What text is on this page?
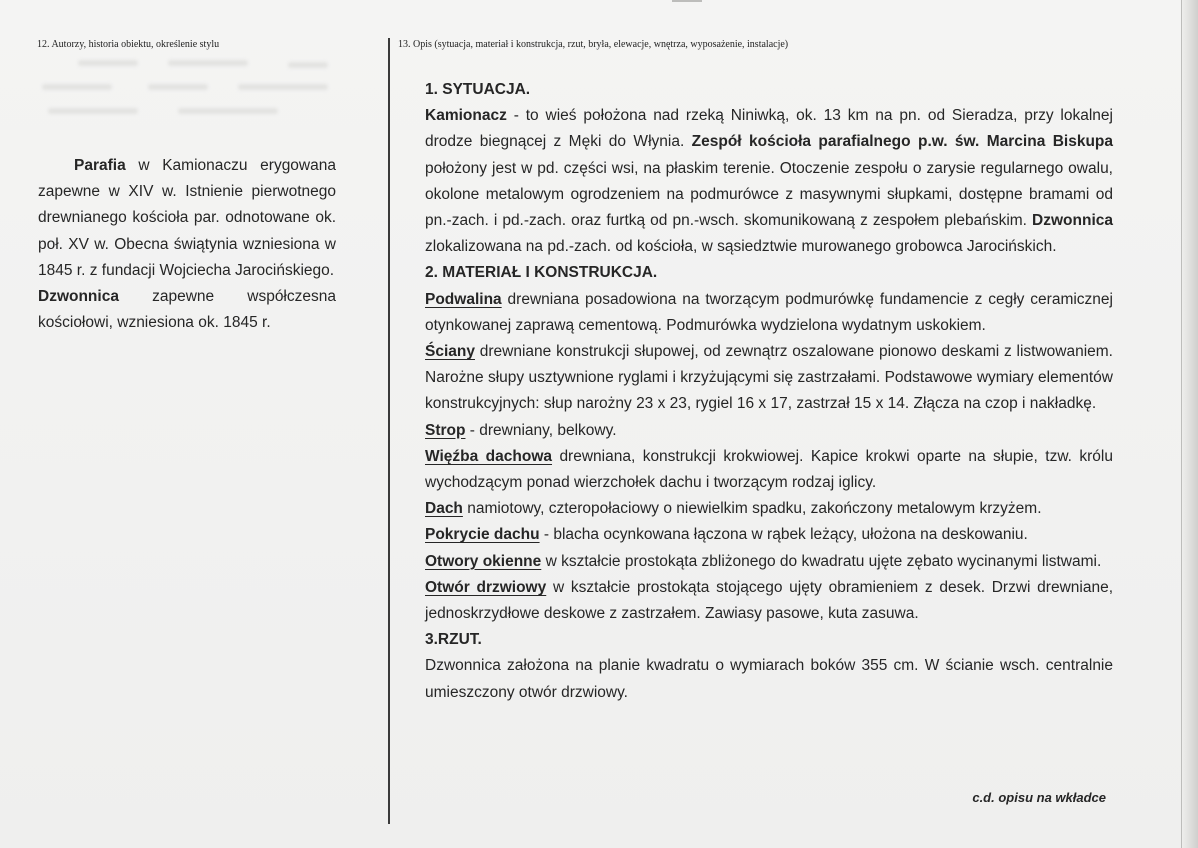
12. Autorzy, historia obiektu, określenie stylu	13. Opis (sytuacja, materiał i konstrukcja, rzut, bryła, elewacje, wnętrza, wyposażenie, instalacje)

Parafia w Kamionaczu erygowana zapewne w XIV w. Istnienie pierwotnego drewnianego kościoła par. odnotowane ok. poł. XV w. Obecna świątynia wzniesiona w 1845 r. z fundacji Wojciecha Jarocińskiego.

Dzwonnica zapewne współczesna kościołowi, wzniesiona ok. 1845 r.

1. SYTUACJA.

Kamionacz - to wieś położona nad rzeką Niniwką, ok. 13 km na pn. od Sieradza, przy lokalnej drodze biegnącej z Męki do Włynia. Zespół kościoła parafialnego p.w. św. Marcina Biskupa położony jest w pd. części wsi, na płaskim terenie. Otoczenie zespołu o zarysie regularnego owalu, okolone metalowym ogrodzeniem na podmurówce z masywnymi słupkami, dostępne bramami od pn.-zach. i pd.-zach. oraz furtką od pn.-wsch. skomunikowaną z zespołem plebańskim. Dzwonnica zlokalizowana na pd.-zach. od kościoła, w sąsiedztwie murowanego grobowca Jarocińskich.

2. MATERIAŁ I KONSTRUKCJA.

Podwalina drewniana posadowiona na tworzącym podmurówkę fundamencie z cegły ceramicznej otynkowanej zaprawą cementową. Podmurówka wydzielona wydatnym uskokiem.

Ściany drewniane konstrukcji słupowej, od zewnątrz oszalowane pionowo deskami z listwowaniem. Narożne słupy usztywnione ryglami i krzyżującymi się zastrzałami. Podstawowe wymiary elementów konstrukcyjnych: słup narożny 23 x 23, rygiel 16 x 17, zastrzał 15 x 14. Złącza na czop i nakładkę.

Strop - drewniany, belkowy.

Więźba dachowa drewniana, konstrukcji krokwiowej. Kapice krokwi oparte na słupie, tzw. królu wychodzącym ponad wierzchołek dachu i tworzącym rodzaj iglicy.

Dach namiotowy, czteropołaciowy o niewielkim spadku, zakończony metalowym krzyżem.

Pokrycie dachu - blacha ocynkowana łączona w rąbek leżący, ułożona na deskowaniu.

Otwory okienne w kształcie prostokąta zbliżonego do kwadratu ujęte zębato wycinanymi listwami.

Otwór drzwiowy w kształcie prostokąta stojącego ujęty obramieniem z desek. Drzwi drewniane, jednoskrzydłowe deskowe z zastrzałem. Zawiasy pasowe, kuta zasuwa.

3.RZUT.

Dzwonnica założona na planie kwadratu o wymiarach boków 355 cm. W ścianie wsch. centralnie umieszczony otwór drzwiowy.

c.d. opisu na wkładce
